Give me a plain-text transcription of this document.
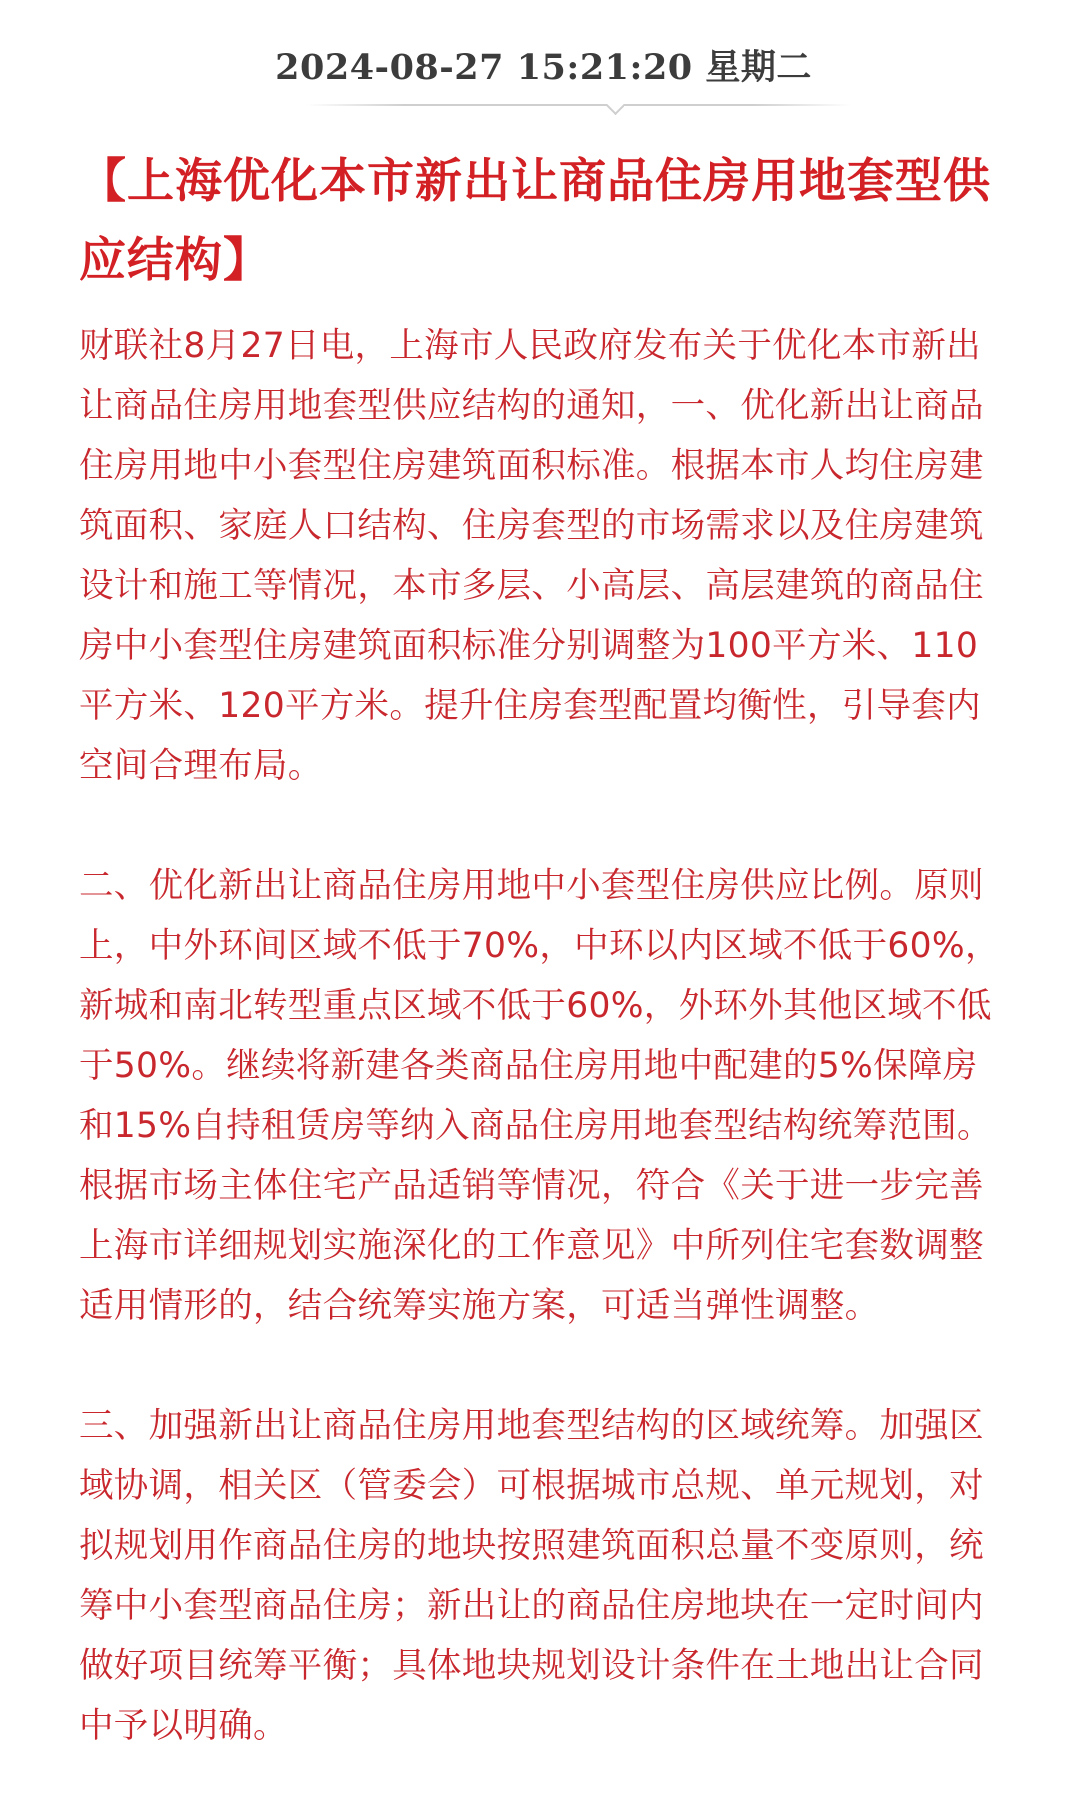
2024-08-27 15:21:20 星期二
【上海优化本市新出让商品住房用地套型供应结构】

财联社8月27日电，上海市人民政府发布关于优化本市新出让商品住房用地套型供应结构的通知，一、优化新出让商品住房用地中小套型住房建筑面积标准。根据本市人均住房建筑面积、家庭人口结构、住房套型的市场需求以及住房建筑设计和施工等情况，本市多层、小高层、高层建筑的商品住房中小套型住房建筑面积标准分别调整为100平方米、110平方米、120平方米。提升住房套型配置均衡性，引导套内空间合理布局。

二、优化新出让商品住房用地中小套型住房供应比例。原则上，中外环间区域不低于70%，中环以内区域不低于60%，新城和南北转型重点区域不低于60%，外环外其他区域不低于50%。继续将新建各类商品住房用地中配建的5%保障房和15%自持租赁房等纳入商品住房用地套型结构统筹范围。根据市场主体住宅产品适销等情况，符合《关于进一步完善上海市详细规划实施深化的工作意见》中所列住宅套数调整适用情形的，结合统筹实施方案，可适当弹性调整。

三、加强新出让商品住房用地套型结构的区域统筹。加强区域协调，相关区（管委会）可根据城市总规、单元规划，对拟规划用作商品住房的地块按照建筑面积总量不变原则，统筹中小套型商品住房；新出让的商品住房地块在一定时间内做好项目统筹平衡；具体地块规划设计条件在土地出让合同中予以明确。
